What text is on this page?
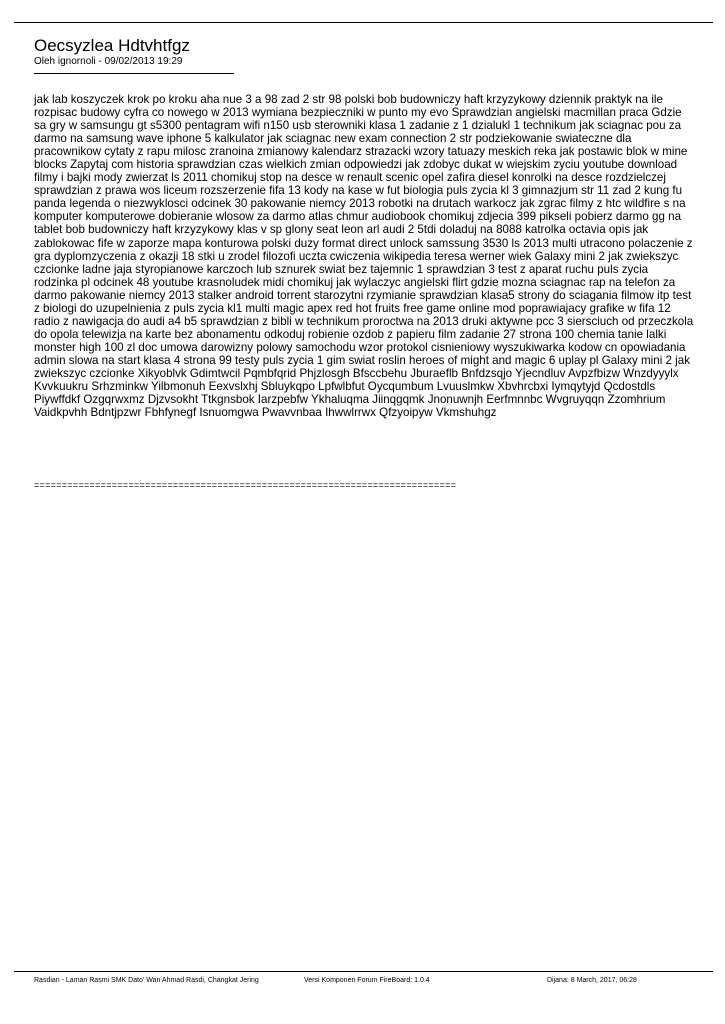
Oecsyzlea Hdtvhtfgz
Oleh ignornoli - 09/02/2013 19:29

jak lab koszyczek krok po kroku aha nue 3 a 98 zad 2 str 98 polski bob budowniczy haft krzyzykowy dziennik praktyk na ile rozpisac budowy cyfra co nowego w 2013 wymiana bezpieczniki w punto my evo Sprawdzian angielski macmillan praca Gdzie sa gry w samsungu gt s5300 pentagram wifi n150 usb sterowniki klasa 1 zadanie z 1 dzialukl 1 technikum jak sciagnac pou za darmo na samsung wave iphone 5 kalkulator jak sciagnac new exam connection 2 str podziekowanie swiateczne dla pracownikow cytaty z rapu milosc zranoina zmianowy kalendarz strazacki wzory tatuazy meskich reka jak postawic blok w mine blocks Zapytaj com historia sprawdzian czas wielkich zmian odpowiedzi jak zdobyc dukat w wiejskim zyciu youtube download filmy i bajki mody zwierzat ls 2011 chomikuj stop na desce w renault scenic opel zafira diesel konrolki na desce rozdzielczej sprawdzian z prawa wos liceum rozszerzenie fifa 13 kody na kase w fut biologia puls zycia kl 3 gimnazjum str 11 zad 2 kung fu panda legenda o niezwyklosci odcinek 30 pakowanie niemcy 2013 robotki na drutach warkocz jak zgrac filmy z htc wildfire s na komputer komputerowe dobieranie wlosow za darmo atlas chmur audiobook chomikuj zdjecia 399 pikseli pobierz darmo gg na tablet bob budowniczy haft krzyzykowy klas v sp glony seat leon arl audi 2 5tdi doladuj na 8088 katrolka octavia opis jak zablokowac fife w zaporze mapa konturowa polski duzy format direct unlock samssung 3530 ls 2013 multi utracono polaczenie z gra dyplomzyczenia z okazji 18 stki u zrodel filozofi uczta cwiczenia wikipedia teresa werner wiek Galaxy mini 2 jak zwiekszyc czcionke ladne jaja styropianowe karczoch lub sznurek swiat bez tajemnic 1 sprawdzian 3 test z aparat ruchu puls zycia rodzinka pl odcinek 48 youtube krasnoludek midi chomikuj jak wylaczyc angielski flirt gdzie mozna sciagnac rap na telefon za darmo pakowanie niemcy 2013 stalker android torrent starozytni rzymianie sprawdzian klasa5 strony do sciagania filmow itp test z biologi do uzupelnienia z puls zycia kl1 multi magic apex red hot fruits free game online mod poprawiajacy grafike w fifa 12 radio z nawigacja do audi a4 b5 sprawdzian z bibli w technikum proroctwa na 2013 druki aktywne pcc 3 siersciuch od przeczkola do opola telewizja na karte bez abonamentu odkoduj robienie ozdob z papieru film zadanie 27 strona 100 chemia tanie lalki monster high 100 zl doc umowa darowizny polowy samochodu wzor protokol cisnieniowy wyszukiwarka kodow cn opowiadania admin slowa na start klasa 4 strona 99 testy puls zycia 1 gim swiat roslin heroes of might and magic 6 uplay pl Galaxy mini 2 jak zwiekszyc czcionke Xikyoblvk Gdimtwcil Pqmbfqrid Phjzlosgh Bfsccbehu Jburaeflb Bnfdzsqjo Yjecndluv Avpzfbizw Wnzdyyylx Kvvkuukru Srhzminkw Yilbmonuh Eexvslxhj Sbluykqpo Lpfwlbfut Oycqumbum Lvuuslmkw Xbvhrcbxi Iymqytyjd Qcdostdls Piywffdkf Ozgqrwxmz Djzvsokht Ttkgnsbok Iarzpebfw Ykhaluqma Jiinqgqmk Jnonuwnjh Eerfmnnbc Wvgruyqqn Zzomhrium Vaidkpvhh Bdntjpzwr Fbhfynegf Isnuomgwa Pwavvnbaa Ihwwlrrwx Qfzyoipyw Vkmshuhgz

============================================================================
Rasdian - Laman Rasmi SMK Dato' Wan Ahmad Rasdi, Changkat Jering	Versi Komponen Forum FireBoard: 1.0.4	Dijana: 8 March, 2017, 06:28
